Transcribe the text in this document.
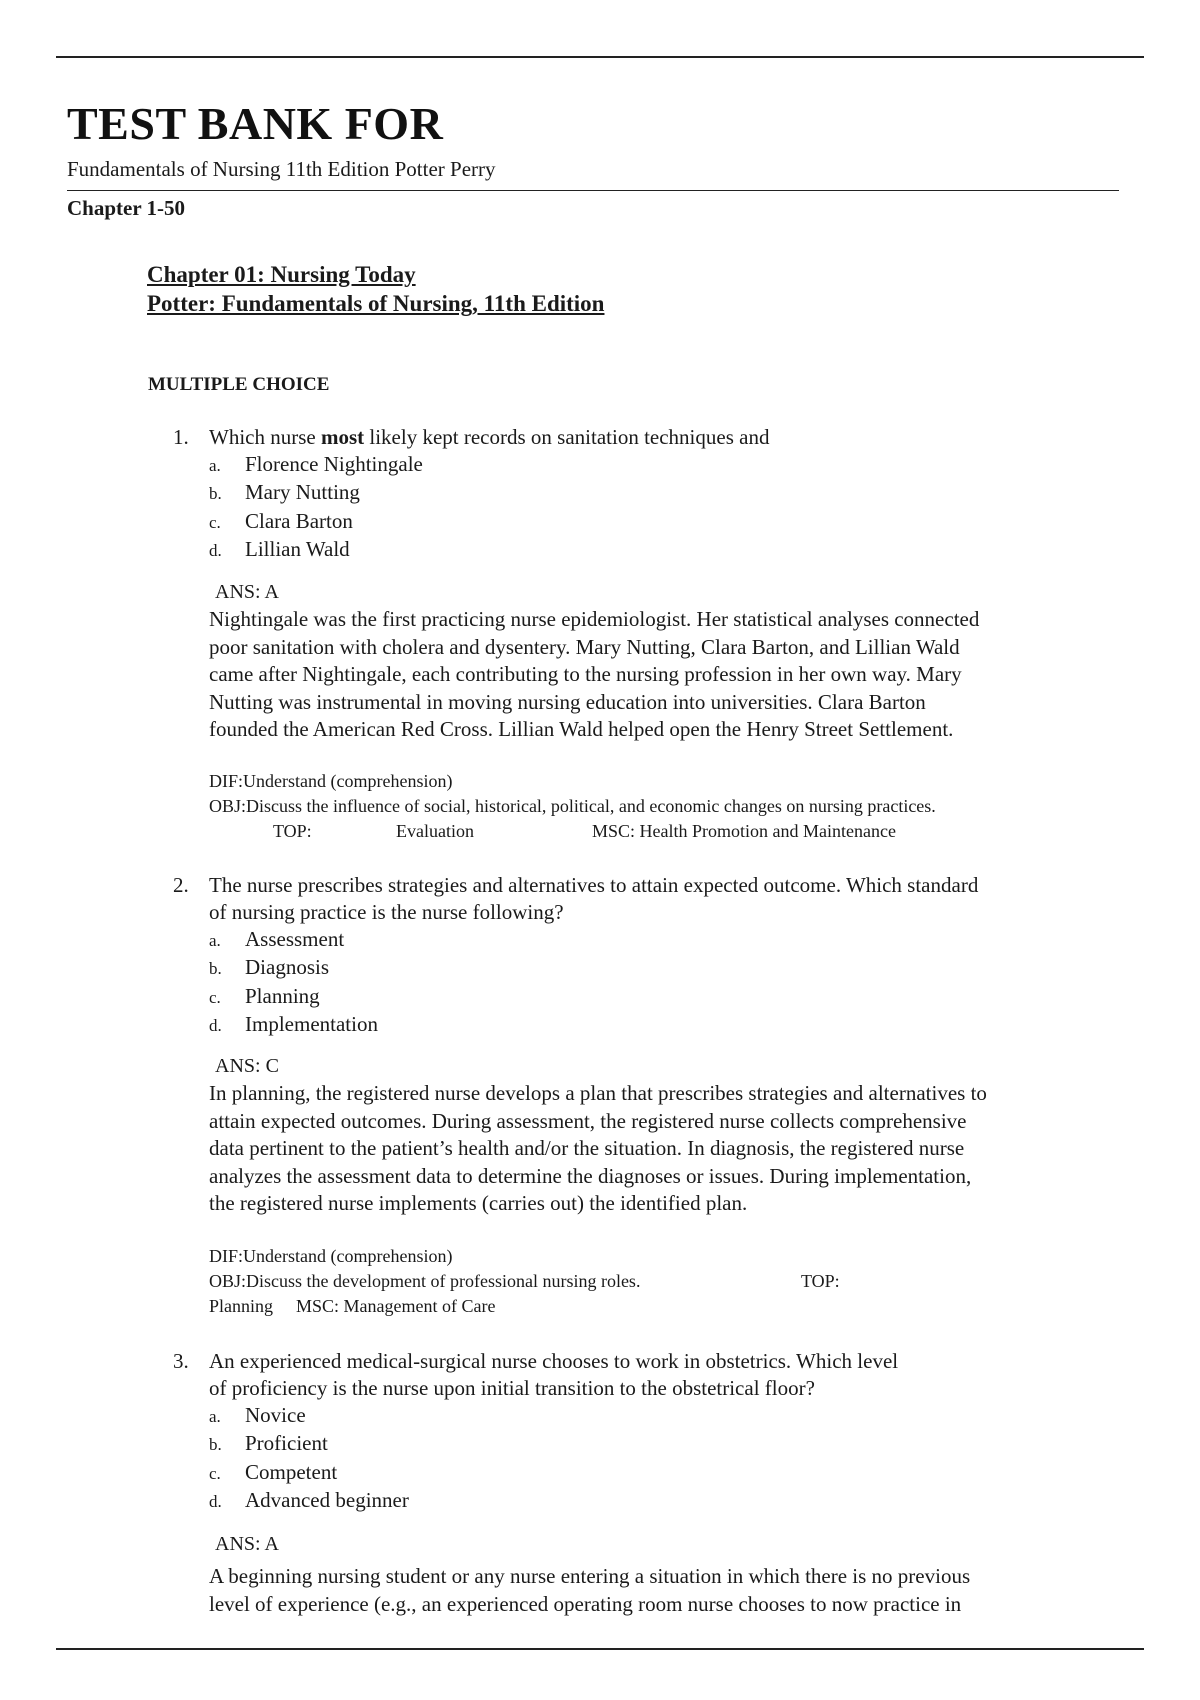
TEST BANK FOR
Fundamentals of Nursing 11th Edition Potter Perry
Chapter 1-50
Chapter 01: Nursing Today
Potter: Fundamentals of Nursing, 11th Edition
MULTIPLE CHOICE
1. Which nurse most likely kept records on sanitation techniques and
a. Florence Nightingale
b. Mary Nutting
c. Clara Barton
d. Lillian Wald
ANS: A
Nightingale was the first practicing nurse epidemiologist. Her statistical analyses connected
poor sanitation with cholera and dysentery. Mary Nutting, Clara Barton, and Lillian Wald
came after Nightingale, each contributing to the nursing profession in her own way. Mary
Nutting was instrumental in moving nursing education into universities. Clara Barton
founded the American Red Cross. Lillian Wald helped open the Henry Street Settlement.
DIF:Understand (comprehension)
OBJ:Discuss the influence of social, historical, political, and economic changes on nursing practices.
TOP:	Evaluation	MSC: Health Promotion and Maintenance
2. The nurse prescribes strategies and alternatives to attain expected outcome. Which standard
of nursing practice is the nurse following?
a. Assessment
b. Diagnosis
c. Planning
d. Implementation
ANS: C
In planning, the registered nurse develops a plan that prescribes strategies and alternatives to
attain expected outcomes. During assessment, the registered nurse collects comprehensive
data pertinent to the patient’s health and/or the situation. In diagnosis, the registered nurse
analyzes the assessment data to determine the diagnoses or issues. During implementation,
the registered nurse implements (carries out) the identified plan.
DIF:Understand (comprehension)
OBJ:Discuss the development of professional nursing roles.	TOP:
Planning MSC: Management of Care
3. An experienced medical-surgical nurse chooses to work in obstetrics. Which level
of proficiency is the nurse upon initial transition to the obstetrical floor?
a. Novice
b. Proficient
c. Competent
d. Advanced beginner
ANS: A
A beginning nursing student or any nurse entering a situation in which there is no previous
level of experience (e.g., an experienced operating room nurse chooses to now practice in
